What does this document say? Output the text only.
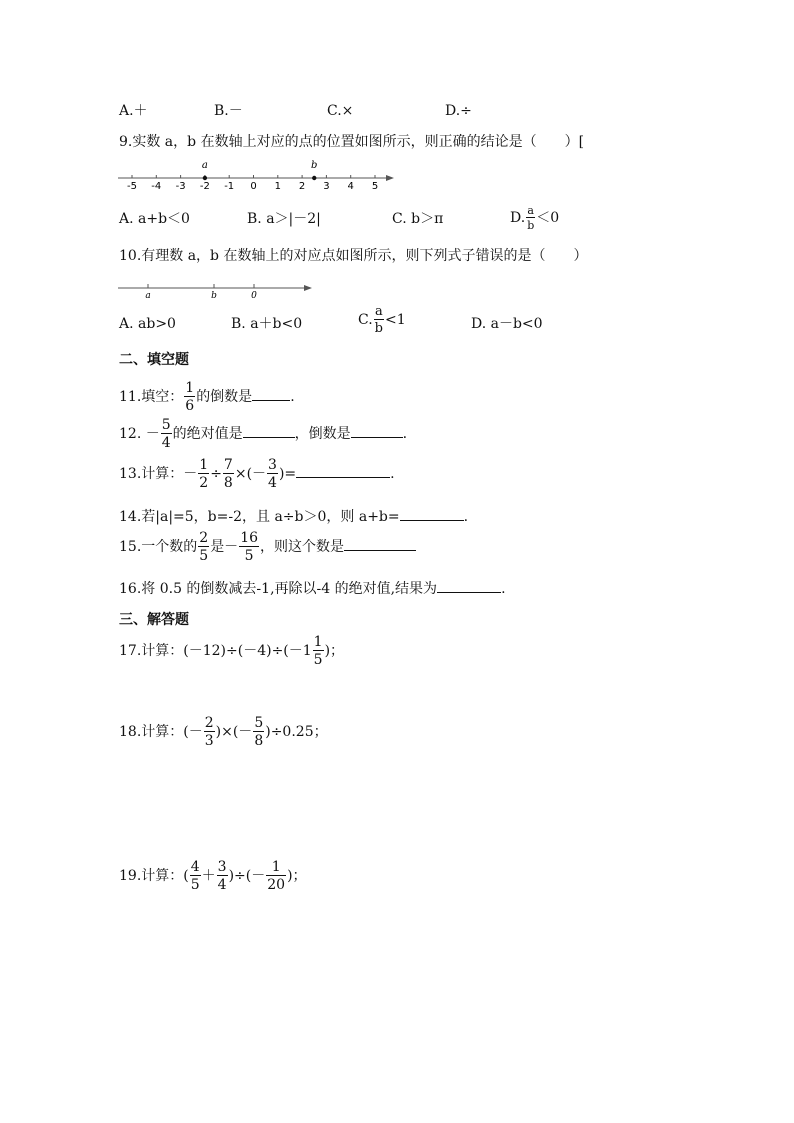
A.＋	B.－	C.×	D.÷
9.实数 a，b 在数轴上对应的点的位置如图所示，则正确的结论是（　　）[
a	b
-5 -4 -3 -2 -1 0 1 2 3 4 5
A. a+b＜0	B. a＞|－2|	C. b＞π	D. $\frac{a}{b} <0$
10.有理数 a，b 在数轴上的对应点如图所示，则下列式子错误的是（　　）
a	b	0
A. ab>0	B. a＋b<0	C. $\frac{a}{b} <1$	D. a－b<0
二、填空题
11.填空： $\frac{1}{6}$ 的倒数是	.
12. － $\frac{5}{4}$ 的绝对值是	，倒数是	.
13.计算：－ $\frac{1}{2} \div \frac{7}{8}$ ×(－ $\frac{3}{4}$ )=	.
14.若|a|=5，b=-2，且 a÷b＞0，则 a+b=	.
15.一个数的 $\frac{2}{5}$ 是－ $\frac{16}{5}$ ，则这个数是
16.将 0.5 的倒数减去-1,再除以-4 的绝对值,结果为	.
三、解答题
17.计算：$(-12)\div(-4)\div(-1 \frac{1}{5}$ )；
18.计算：(－ $\frac{2}{3}$ )×(－ $\frac{5}{8} )\div 0.25$；
19.计算：( $\frac{4}{5} + \frac{3}{4}$ )÷(－ $\frac{1}{20}$ )；
